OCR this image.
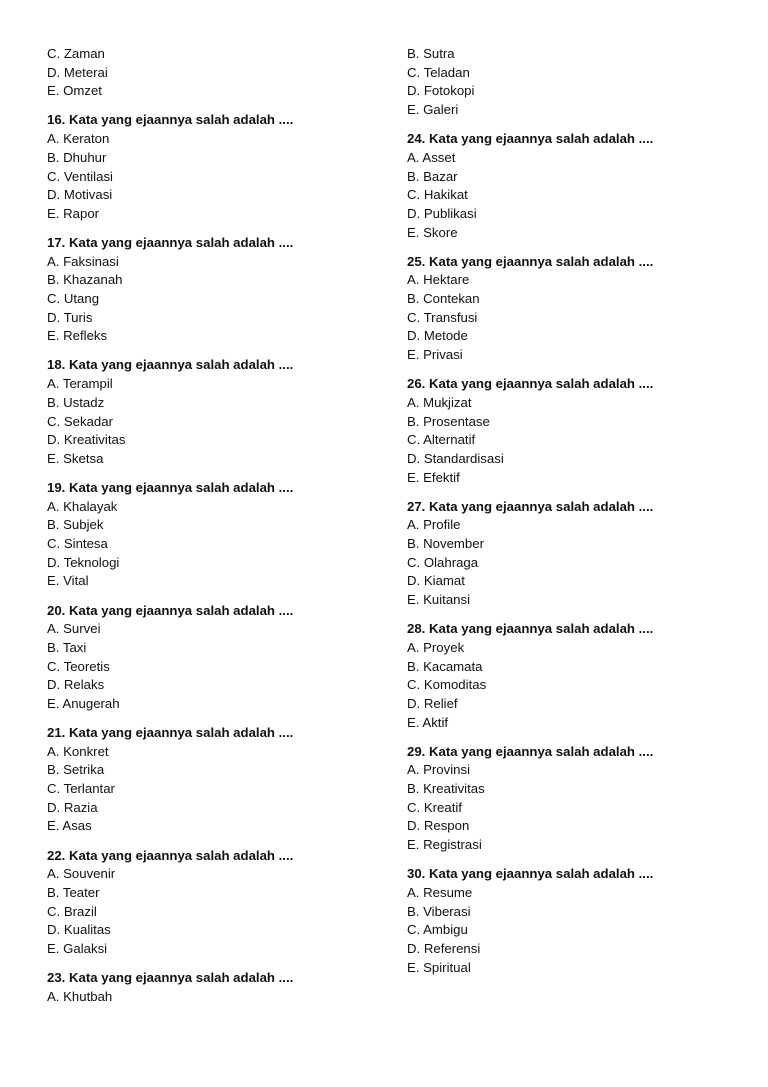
C. Zaman
D. Meterai
E. Omzet
16. Kata yang ejaannya salah adalah ....
A. Keraton
B. Dhuhur
C. Ventilasi
D. Motivasi
E. Rapor
17. Kata yang ejaannya salah adalah ....
A. Faksinasi
B. Khazanah
C. Utang
D. Turis
E. Refleks
18. Kata yang ejaannya salah adalah ....
A. Terampil
B. Ustadz
C. Sekadar
D. Kreativitas
E. Sketsa
19. Kata yang ejaannya salah adalah ....
A. Khalayak
B. Subjek
C. Sintesa
D. Teknologi
E. Vital
20. Kata yang ejaannya salah adalah ....
A. Survei
B. Taxi
C. Teoretis
D. Relaks
E. Anugerah
21. Kata yang ejaannya salah adalah ....
A. Konkret
B. Setrika
C. Terlantar
D. Razia
E. Asas
22. Kata yang ejaannya salah adalah ....
A. Souvenir
B. Teater
C. Brazil
D. Kualitas
E. Galaksi
23. Kata yang ejaannya salah adalah ....
A. Khutbah
B. Sutra
C. Teladan
D. Fotokopi
E. Galeri
24. Kata yang ejaannya salah adalah ....
A. Asset
B. Bazar
C. Hakikat
D. Publikasi
E. Skore
25. Kata yang ejaannya salah adalah ....
A. Hektare
B. Contekan
C. Transfusi
D. Metode
E. Privasi
26. Kata yang ejaannya salah adalah ....
A. Mukjizat
B. Prosentase
C. Alternatif
D. Standardisasi
E. Efektif
27. Kata yang ejaannya salah adalah ....
A. Profile
B. November
C. Olahraga
D. Kiamat
E. Kuitansi
28. Kata yang ejaannya salah adalah ....
A. Proyek
B. Kacamata
C. Komoditas
D. Relief
E. Aktif
29. Kata yang ejaannya salah adalah ....
A. Provinsi
B. Kreativitas
C. Kreatif
D. Respon
E. Registrasi
30. Kata yang ejaannya salah adalah ....
A. Resume
B. Viberasi
C. Ambigu
D. Referensi
E. Spiritual
